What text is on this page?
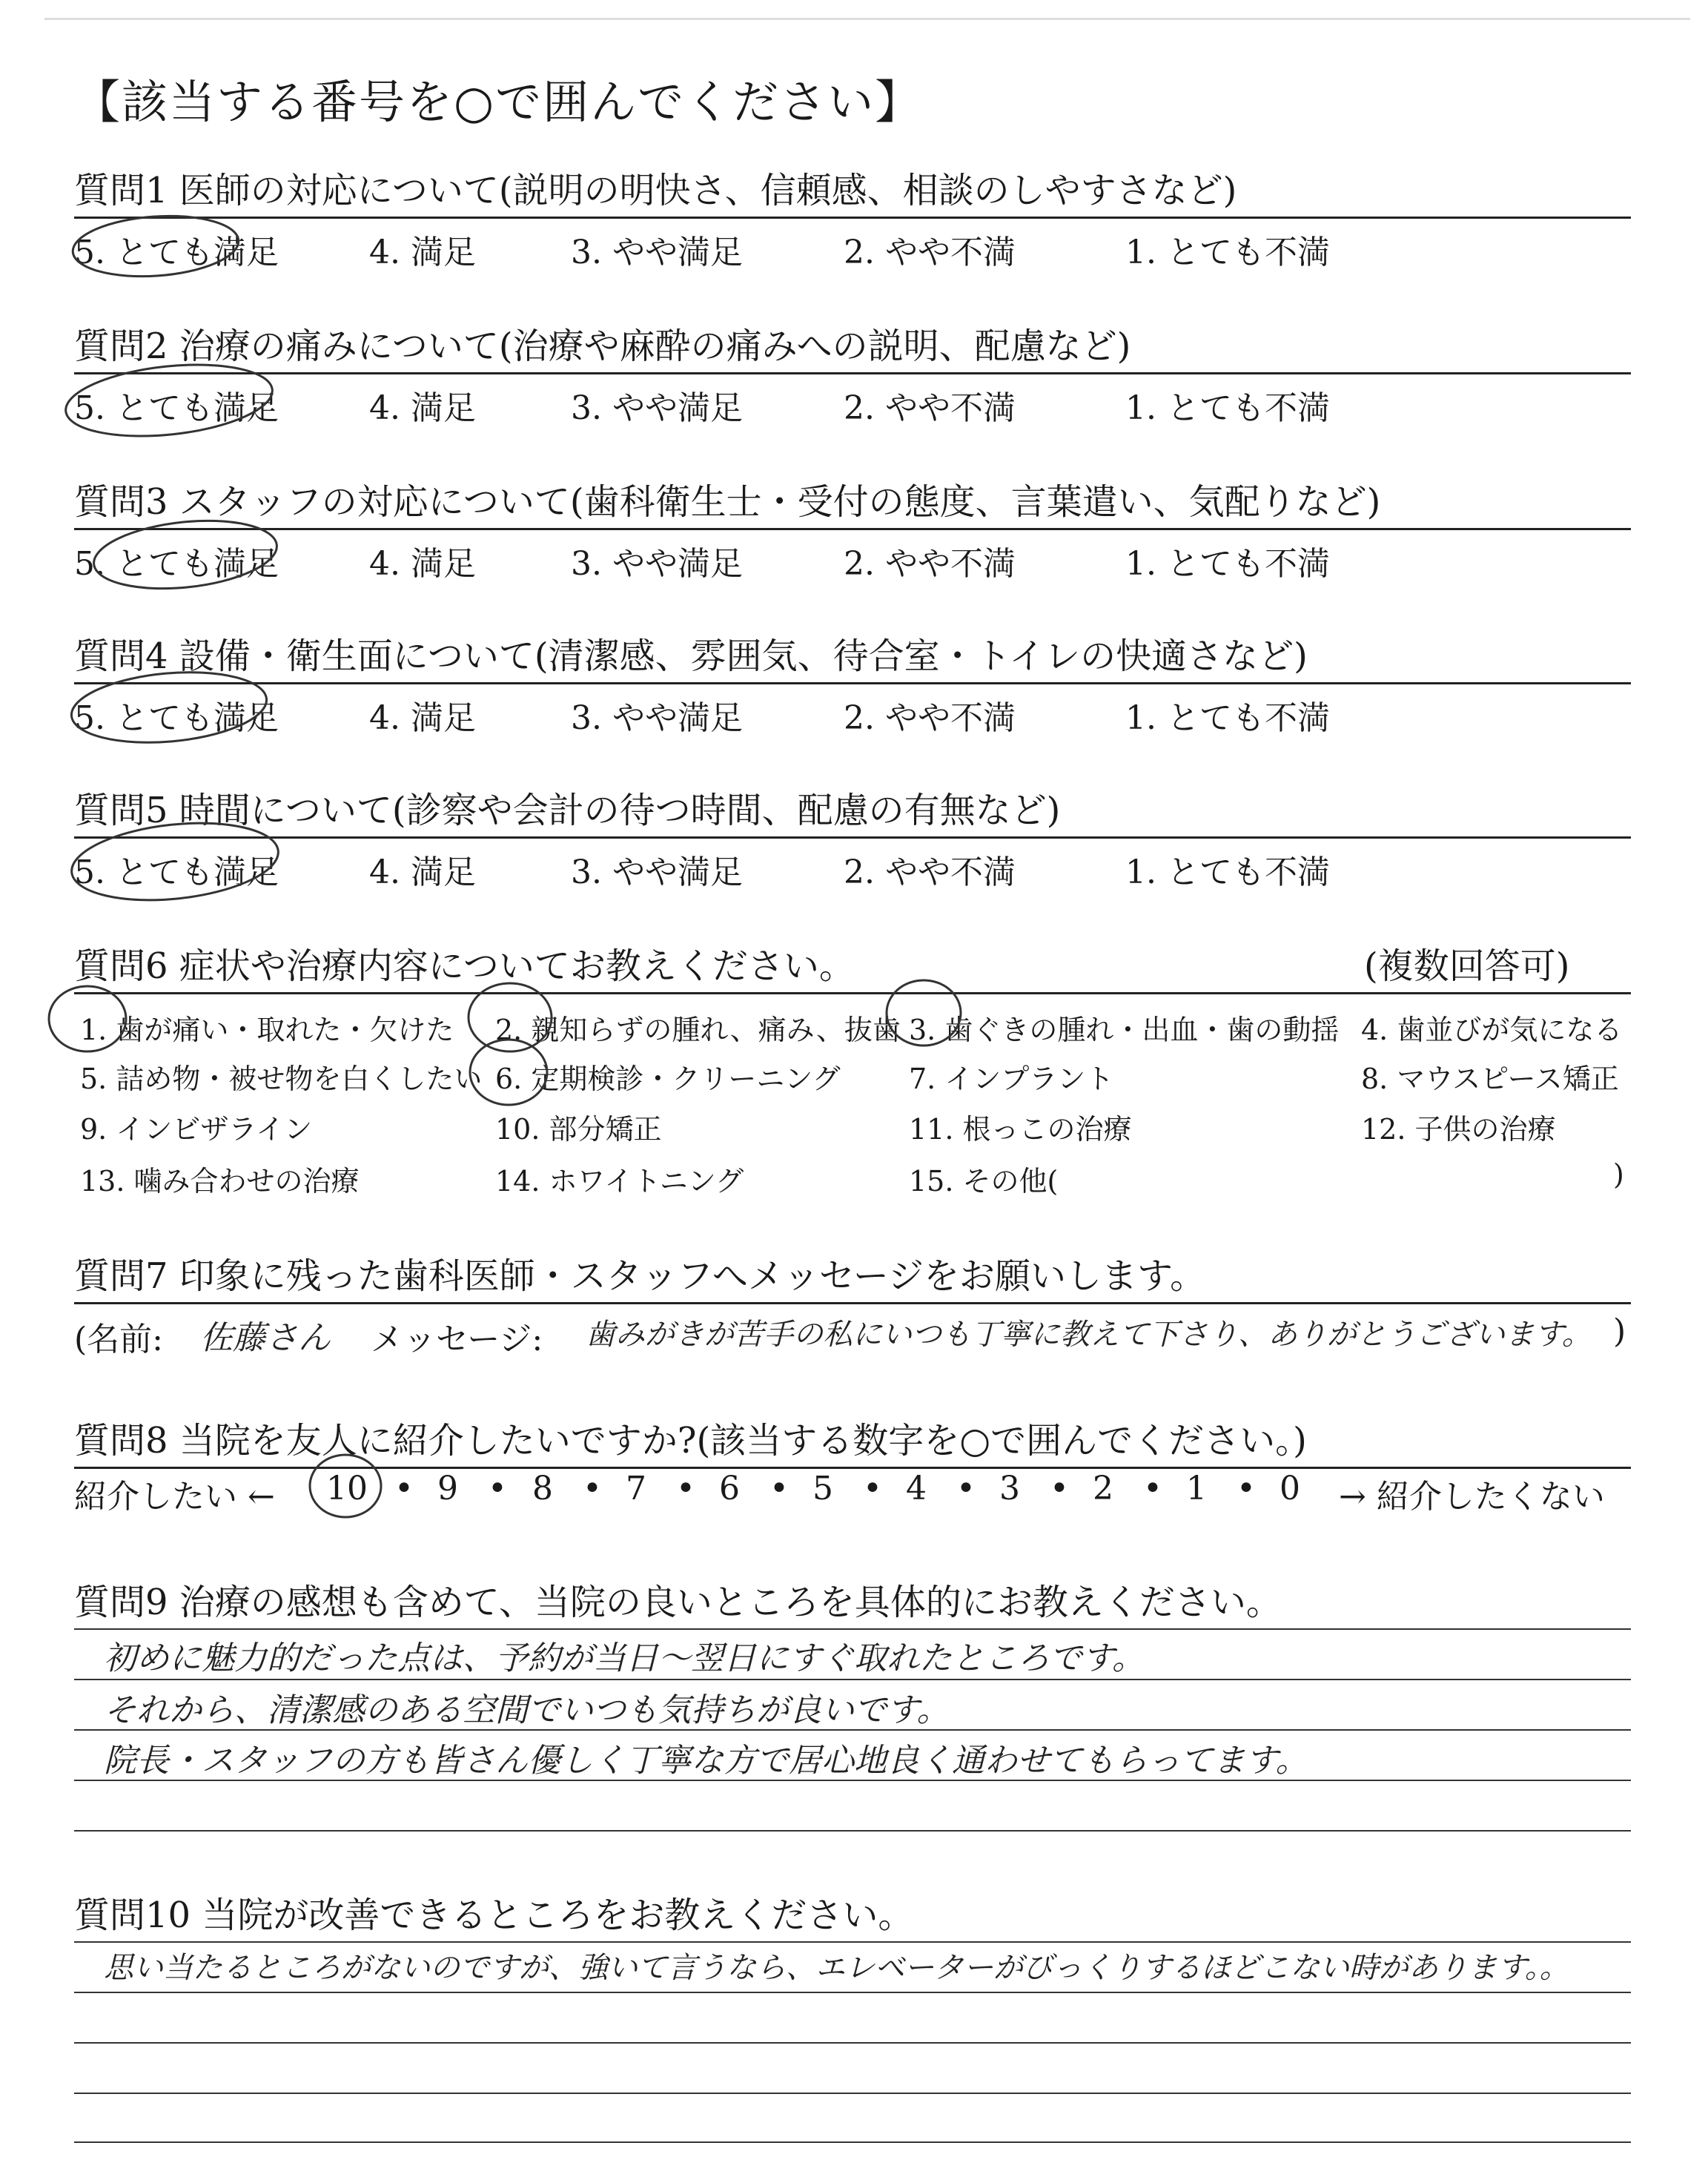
【該当する番号を○で囲んでください】
質問1 医師の対応について(説明の明快さ、信頼感、相談のしやすさなど)
5. とても満足	4. 満足	3. やや満足	2. やや不満	1. とても不満
質問2 治療の痛みについて(治療や麻酔の痛みへの説明、配慮など)
5. とても満足	4. 満足	3. やや満足	2. やや不満	1. とても不満
質問3 スタッフの対応について(歯科衛生士・受付の態度、言葉遣い、気配りなど)
5. とても満足	4. 満足	3. やや満足	2. やや不満	1. とても不満
質問4 設備・衛生面について(清潔感、雰囲気、待合室・トイレの快適さなど)
5. とても満足	4. 満足	3. やや満足	2. やや不満	1. とても不満
質問5 時間について(診察や会計の待つ時間、配慮の有無など)
5. とても満足	4. 満足	3. やや満足	2. やや不満	1. とても不満
質問6 症状や治療内容についてお教えください。	(複数回答可)
1. 歯が痛い・取れた・欠けた 2. 親知らずの腫れ、痛み、抜歯 3. 歯ぐきの腫れ・出血・歯の動揺 4. 歯並びが気になる
5. 詰め物・被せ物を白くしたい 6. 定期検診・クリーニング 7. インプラント	8. マウスピース矯正
9. インビザライン	10. 部分矯正	11. 根っこの治療	12. 子供の治療
13. 噛み合わせの治療	14. ホワイトニング	15. その他(	)
質問7 印象に残った歯科医師・スタッフへメッセージをお願いします。
(名前: 佐藤さん メッセージ: 歯みがきが苦手の私にいつも丁寧に教えて下さり、ありがとうございます。 )
質問8 当院を友人に紹介したいですか?(該当する数字を○で囲んでください。)
紹介したい ← 10 • 9 • 8 • 7 • 6 • 5 • 4 • 3 • 2 • 1 • 0 → 紹介したくない
質問9 治療の感想も含めて、当院の良いところを具体的にお教えください。
初めに魅力的だった点は、予約が当日〜翌日にすぐ取れたところです。
それから、清潔感のある空間でいつも気持ちが良いです。
院長・スタッフの方も皆さん優しく丁寧な方で居心地良く通わせてもらってます。
質問10 当院が改善できるところをお教えください。
思い当たるところがないのですが、強いて言うなら、エレベーターがびっくりするほどこない時があります。。
